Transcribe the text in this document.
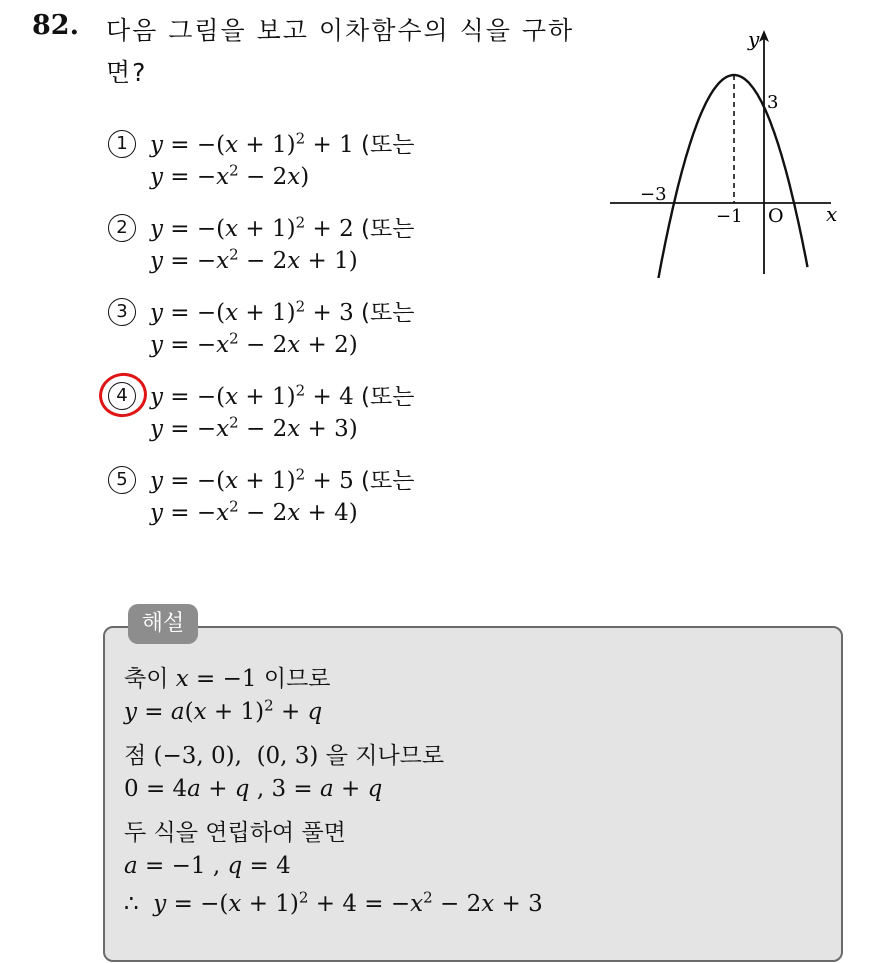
82. 다음 그림을 보고 이차함수의 식을 구하
면?
1 $y = -(x + 1)^2 + 1$ (또는
$y = -x^2 - 2x$)
2 $y = -(x + 1)^2 + 2$ (또는
$y = -x^2 - 2x + 1$)
3 $y = -(x + 1)^2 + 3$ (또는
$y = -x^2 - 2x + 2$)
4 $y = -(x + 1)^2 + 4$ (또는
$y = -x^2 - 2x + 3$)
5 $y = -(x + 1)^2 + 5$ (또는
$y = -x^2 - 2x + 4$)
y
x
O
3
−3
−1
해설
축이 x = −1 이므로
$y = a(x + 1)^2 + q$
점 (−3, 0),  (0, 3) 을 지나므로
0 = 4a + q , 3 = a + q
두 식을 연립하여 풀면
a = −1 , q = 4
∴ $y = -(x + 1)^2 + 4 = -x^2 - 2x + 3$
